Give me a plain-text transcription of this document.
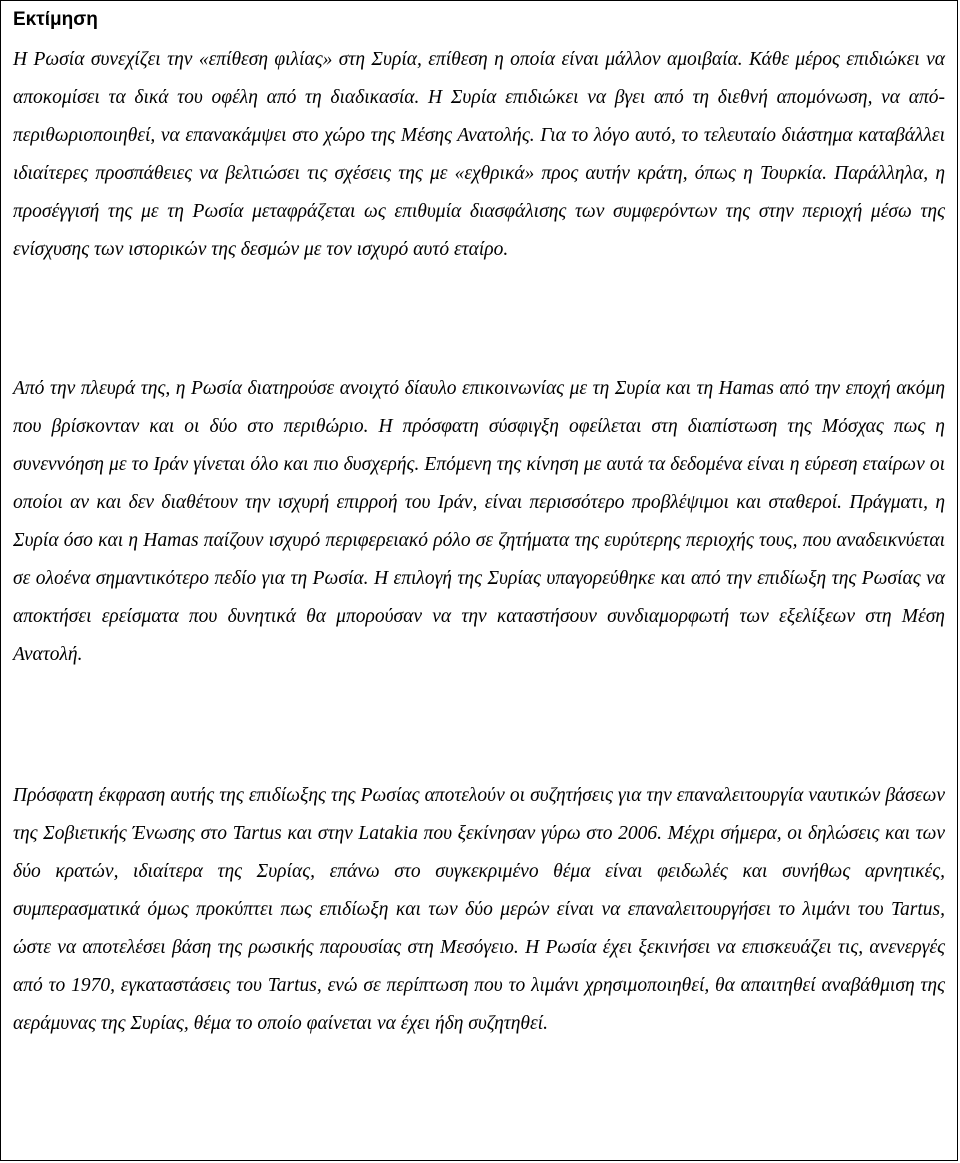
Εκτίμηση

Η Ρωσία συνεχίζει την «επίθεση φιλίας» στη Συρία, επίθεση η οποία είναι μάλλον αμοιβαία. Κάθε μέρος επιδιώκει να αποκομίσει τα δικά του οφέλη από τη διαδικασία. Η Συρία επιδιώκει να βγει από τη διεθνή απομόνωση, να από-περιθωριοποιηθεί, να επανακάμψει στο χώρο της Μέσης Ανατολής. Για το λόγο αυτό, το τελευταίο διάστημα καταβάλλει ιδιαίτερες προσπάθειες να βελτιώσει τις σχέσεις της με «εχθρικά» προς αυτήν κράτη, όπως η Τουρκία. Παράλληλα, η προσέγγισή της με τη Ρωσία μεταφράζεται ως επιθυμία διασφάλισης των συμφερόντων της στην περιοχή μέσω της ενίσχυσης των ιστορικών της δεσμών με τον ισχυρό αυτό εταίρο.

Από την πλευρά της, η Ρωσία διατηρούσε ανοιχτό δίαυλο επικοινωνίας με τη Συρία και τη Hamas από την εποχή ακόμη που βρίσκονταν και οι δύο στο περιθώριο. Η πρόσφατη σύσφιγξη οφείλεται στη διαπίστωση της Μόσχας πως η συνεννόηση με το Ιράν γίνεται όλο και πιο δυσχερής. Επόμενη της κίνηση με αυτά τα δεδομένα είναι η εύρεση εταίρων οι οποίοι αν και δεν διαθέτουν την ισχυρή επιρροή του Ιράν, είναι περισσότερο προβλέψιμοι και σταθεροί. Πράγματι, η Συρία όσο και η Hamas παίζουν ισχυρό περιφερειακό ρόλο σε ζητήματα της ευρύτερης περιοχής τους, που αναδεικνύεται σε ολοένα σημαντικότερο πεδίο για τη Ρωσία. Η επιλογή της Συρίας υπαγορεύθηκε και από την επιδίωξη της Ρωσίας να αποκτήσει ερείσματα που δυνητικά θα μπορούσαν να την καταστήσουν συνδιαμορφωτή των εξελίξεων στη Μέση Ανατολή.

Πρόσφατη έκφραση αυτής της επιδίωξης της Ρωσίας αποτελούν οι συζητήσεις για την επαναλειτουργία ναυτικών βάσεων της Σοβιετικής Ένωσης στο Tartus και στην Latakia που ξεκίνησαν γύρω στο 2006. Μέχρι σήμερα, οι δηλώσεις και των δύο κρατών, ιδιαίτερα της Συρίας, επάνω στο συγκεκριμένο θέμα είναι φειδωλές και συνήθως αρνητικές, συμπερασματικά όμως προκύπτει πως επιδίωξη και των δύο μερών είναι να επαναλειτουργήσει το λιμάνι του Tartus, ώστε να αποτελέσει βάση της ρωσικής παρουσίας στη Μεσόγειο. Η Ρωσία έχει ξεκινήσει να επισκευάζει τις, ανενεργές από το 1970, εγκαταστάσεις του Tartus, ενώ σε περίπτωση που το λιμάνι χρησιμοποιηθεί, θα απαιτηθεί αναβάθμιση της αεράμυνας της Συρίας, θέμα το οποίο φαίνεται να έχει ήδη συζητηθεί.
